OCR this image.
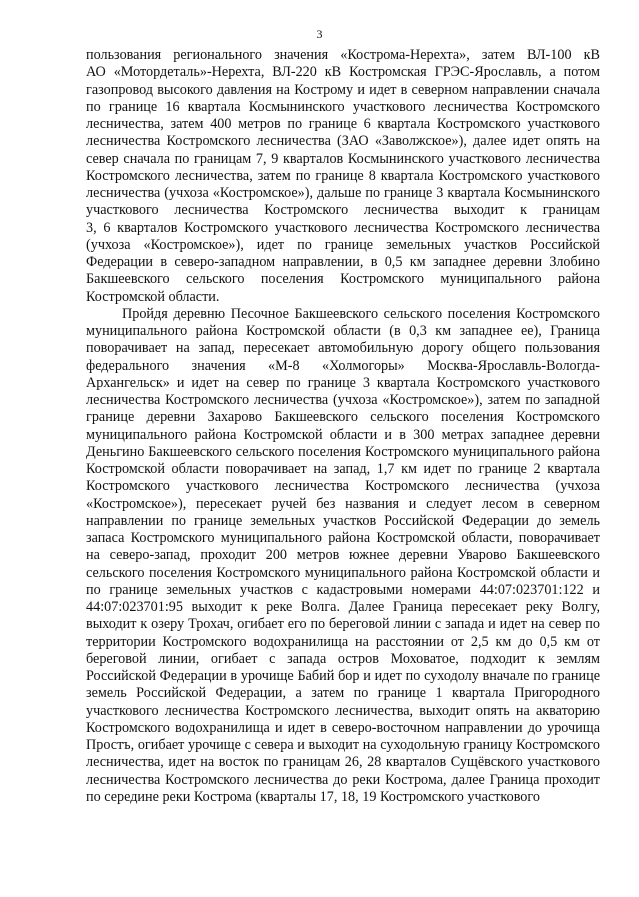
3
пользования регионального значения «Кострома-Нерехта», затем ВЛ-100 кВ
АО «Мотордеталь»-Нерехта, ВЛ-220 кВ Костромская ГРЭС-Ярославль, а потом
газопровод высокого давления на Кострому и идет в северном направлении сначала
по границе 16 квартала Космынинского участкового лесничества Костромского
лесничества, затем 400 метров по границе 6 квартала Костромского участкового
лесничества Костромского лесничества (ЗАО «Заволжское»), далее идет опять на
север сначала по границам 7, 9 кварталов Космынинского участкового лесничества
Костромского лесничества, затем по границе 8 квартала Костромского участкового
лесничества (учхоза «Костромское»), дальше по границе 3 квартала Космынинского
участкового лесничества Костромского лесничества выходит к границам
3, 6 кварталов Костромского участкового лесничества Костромского лесничества
(учхоза «Костромское»), идет по границе земельных участков Российской
Федерации в северо-западном направлении, в 0,5 км западнее деревни Злобино
Бакшеевского сельского поселения Костромского муниципального района
Костромской области.
Пройдя деревню Песочное Бакшеевского сельского поселения Костромского
муниципального района Костромской области (в 0,3 км западнее ее), Граница
поворачивает на запад, пересекает автомобильную дорогу общего пользования
федерального значения «М-8 «Холмогоры» Москва-Ярославль-Вологда-
Архангельск» и идет на север по границе 3 квартала Костромского участкового
лесничества Костромского лесничества (учхоза «Костромское»), затем по западной
границе деревни Захарово Бакшеевского сельского поселения Костромского
муниципального района Костромской области и в 300 метрах западнее деревни
Деньгино Бакшеевского сельского поселения Костромского муниципального района
Костромской области поворачивает на запад, 1,7 км идет по границе 2 квартала
Костромского участкового лесничества Костромского лесничества (учхоза
«Костромское»), пересекает ручей без названия и следует лесом в северном
направлении по границе земельных участков Российской Федерации до земель
запаса Костромского муниципального района Костромской области, поворачивает
на северо-запад, проходит 200 метров южнее деревни Уварово Бакшеевского
сельского поселения Костромского муниципального района Костромской области и
по границе земельных участков с кадастровыми номерами 44:07:023701:122 и
44:07:023701:95 выходит к реке Волга. Далее Граница пересекает реку Волгу,
выходит к озеру Трохач, огибает его по береговой линии с запада и идет на север по
территории Костромского водохранилища на расстоянии от 2,5 км до 0,5 км от
береговой линии, огибает с запада остров Моховатое, подходит к землям
Российской Федерации в урочище Бабий бор и идет по суходолу вначале по границе
земель Российской Федерации, а затем по границе 1 квартала Пригородного
участкового лесничества Костромского лесничества, выходит опять на акваторию
Костромского водохранилища и идет в северо-восточном направлении до урочища
Простъ, огибает урочище с севера и выходит на суходольную границу Костромского
лесничества, идет на восток по границам 26, 28 кварталов Сущёвского участкового
лесничества Костромского лесничества до реки Кострома, далее Граница проходит
по середине реки Кострома (кварталы 17, 18, 19 Костромского участкового
